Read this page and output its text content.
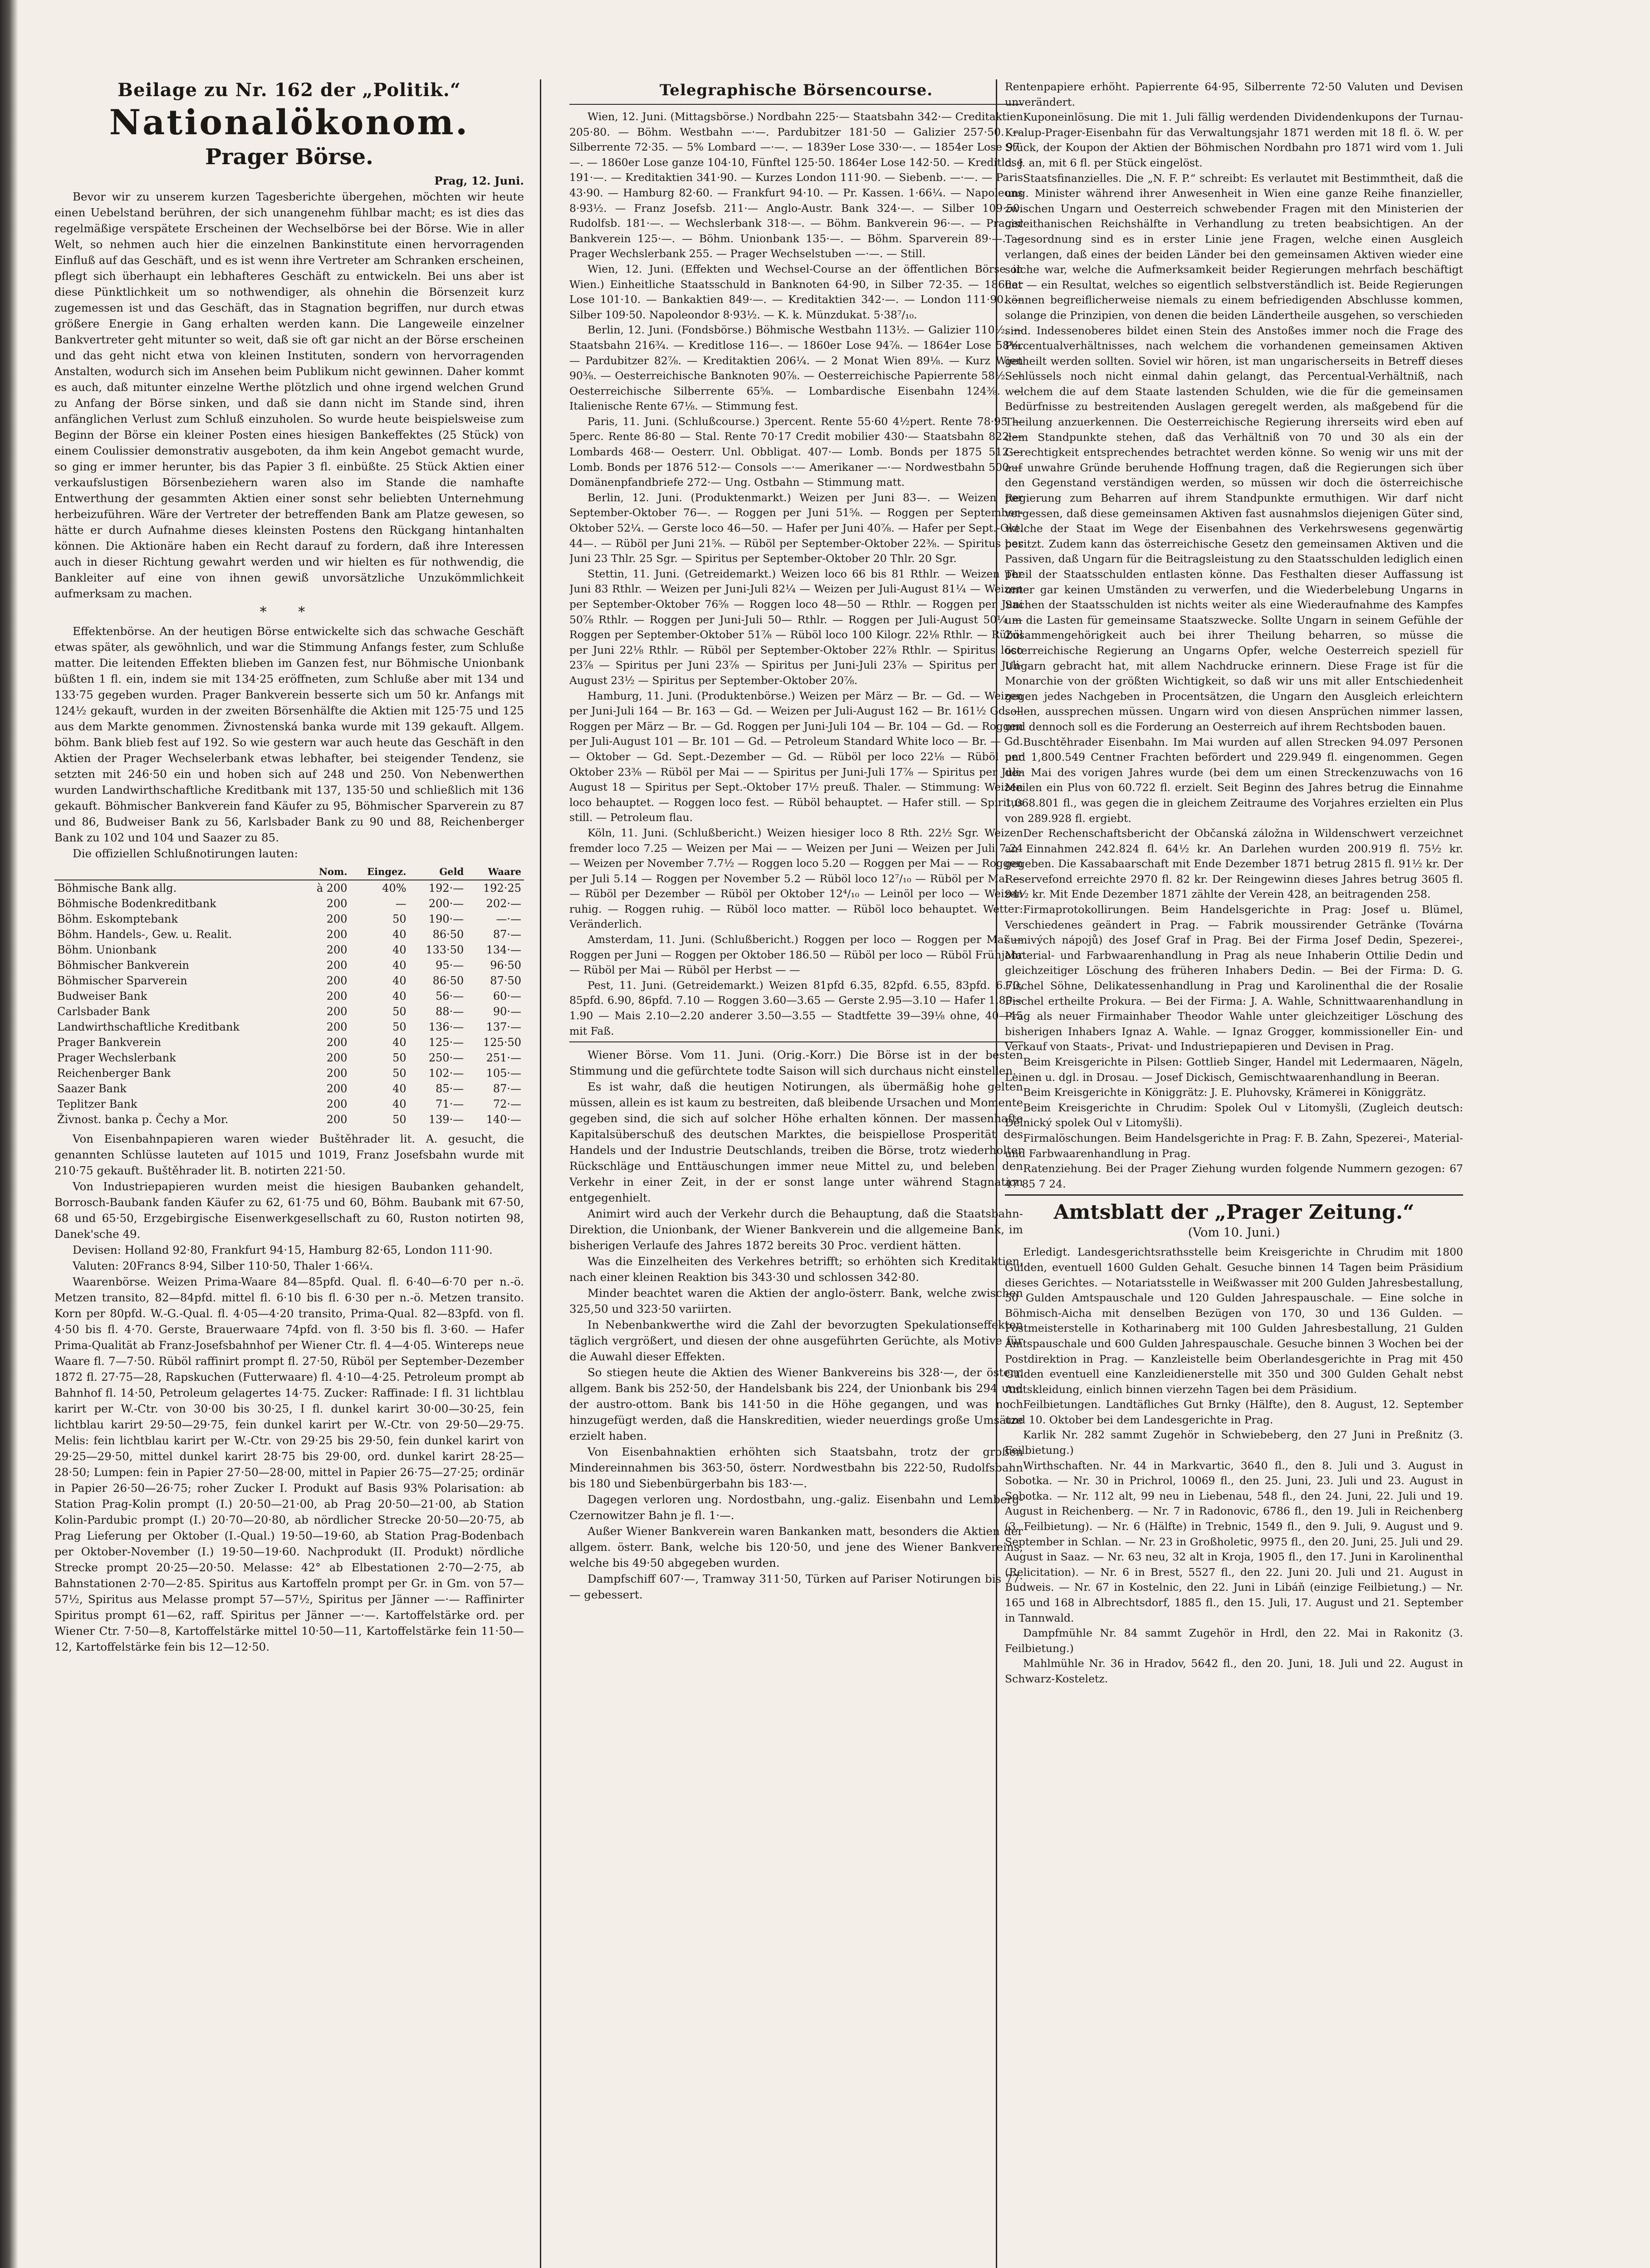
Beilage zu Nr. 162 der „Politik.“
Nationalökonom.
Prager Börse.
Prag, 12. Juni.

Bevor wir zu unserem kurzen Tagesberichte übergehen, möchten wir heute einen Uebelstand berühren, der sich unangenehm fühlbar macht; es ist dies das regelmäßige verspätete Erscheinen der Wechselbörse bei der Börse. Wie in aller Welt, so nehmen auch hier die einzelnen Bankinstitute einen hervorragenden Einfluß auf das Geschäft, und es ist wenn ihre Vertreter am Schranken erscheinen, pflegt sich überhaupt ein lebhafteres Geschäft zu entwickeln. Bei uns aber ist diese Pünktlichkeit um so nothwendiger, als ohnehin die Börsenzeit kurz zugemessen ist und das Geschäft, das in Stagnation begriffen, nur durch etwas größere Energie in Gang erhalten werden kann. Die Langeweile einzelner Bankvertreter geht mitunter so weit, daß sie oft gar nicht an der Börse erscheinen und das geht nicht etwa von kleinen Instituten, sondern von hervorragenden Anstalten, wodurch sich im Ansehen beim Publikum nicht gewinnen. Daher kommt es auch, daß mitunter einzelne Werthe plötzlich und ohne irgend welchen Grund zu Anfang der Börse sinken, und daß sie dann nicht im Stande sind, ihren anfänglichen Verlust zum Schluß einzuholen. So wurde heute beispielsweise zum Beginn der Börse ein kleiner Posten eines hiesigen Bankeffektes (25 Stück) von einem Coulissier demonstrativ ausgeboten, da ihm kein Angebot gemacht wurde, so ging er immer herunter, bis das Papier 3 fl. einbüßte. 25 Stück Aktien einer verkaufslustigen Börsenbeziehern waren also im Stande die namhafte Entwerthung der gesammten Aktien einer sonst sehr beliebten Unternehmung herbeizuführen. Wäre der Vertreter der betreffenden Bank am Platze gewesen, so hätte er durch Aufnahme dieses kleinsten Postens den Rückgang hintanhalten können. Die Aktionäre haben ein Recht darauf zu fordern, daß ihre Interessen auch in dieser Richtung gewahrt werden und wir hielten es für nothwendig, die Bankleiter auf eine von ihnen gewiß unvorsätzliche Unzukömmlichkeit aufmerksam zu machen.

* *

Effektenbörse. An der heutigen Börse entwickelte sich das schwache Geschäft etwas später, als gewöhnlich, und war die Stimmung Anfangs fester, zum Schluße matter. Die leitenden Effekten blieben im Ganzen fest, nur Böhmische Unionbank büßten 1 fl. ein, indem sie mit 134·25 eröffneten, zum Schluße aber mit 134 und 133·75 gegeben wurden. Prager Bankverein besserte sich um 50 kr. Anfangs mit 124½ gekauft, wurden in der zweiten Börsenhälfte die Aktien mit 125·75 und 125 aus dem Markte genommen. Živnostenská banka wurde mit 139 gekauft. Allgem. böhm. Bank blieb fest auf 192. So wie gestern war auch heute das Geschäft in den Aktien der Prager Wechselerbank etwas lebhafter, bei steigender Tendenz, sie setzten mit 246·50 ein und hoben sich auf 248 und 250. Von Nebenwerthen wurden Landwirthschaftliche Kreditbank mit 137, 135·50 und schließlich mit 136 gekauft. Böhmischer Bankverein fand Käufer zu 95, Böhmischer Sparverein zu 87 und 86, Budweiser Bank zu 56, Karlsbader Bank zu 90 und 88, Reichenberger Bank zu 102 und 104 und Saazer zu 85.

Die offiziellen Schlußnotirungen lauten:

	Nom.	Eingez.	Geld	Waare
Böhmische Bank allg.	à 200	40%	192·—	192·25
Böhmische Bodenkreditbank	200	—	200·—	202·—
Böhm. Eskomptebank	200	50	190·—	—·—
Böhm. Handels-, Gew. u. Realit.	200	40	86·50	87·—
Böhm. Unionbank	200	40	133·50	134·—
Böhmischer Bankverein	200	40	95·—	96·50
Böhmischer Sparverein	200	40	86·50	87·50
Budweiser Bank	200	40	56·—	60·—
Carlsbader Bank	200	50	88·—	90·—
Landwirthschaftliche Kreditbank	200	50	136·—	137·—
Prager Bankverein	200	40	125·—	125·50
Prager Wechslerbank	200	50	250·—	251·—
Reichenberger Bank	200	50	102·—	105·—
Saazer Bank	200	40	85·—	87·—
Teplitzer Bank	200	40	71·—	72·—
Živnost. banka p. Čechy a Mor.	200	50	139·—	140·—

Von Eisenbahnpapieren waren wieder Buštěhrader lit. A. gesucht, die genannten Schlüsse lauteten auf 1015 und 1019, Franz Josefsbahn wurde mit 210·75 gekauft. Buštěhrader lit. B. notirten 221·50.

Von Industriepapieren wurden meist die hiesigen Baubanken gehandelt, Borrosch-Baubank fanden Käufer zu 62, 61·75 und 60, Böhm. Baubank mit 67·50, 68 und 65·50, Erzgebirgische Eisenwerkgesellschaft zu 60, Ruston notirten 98, Danek'sche 49.

Devisen: Holland 92·80, Frankfurt 94·15, Hamburg 82·65, London 111·90.

Valuten: 20Francs 8·94, Silber 110·50, Thaler 1·66¼.

Waarenbörse. Weizen Prima-Waare 84—85pfd. Qual. fl. 6·40—6·70 per n.-ö. Metzen transito, 82—84pfd. mittel fl. 6·10 bis fl. 6·30 per n.-ö. Metzen transito. Korn per 80pfd. W.-G.-Qual. fl. 4·05—4·20 transito, Prima-Qual. 82—83pfd. von fl. 4·50 bis fl. 4·70. Gerste, Brauerwaare 74pfd. von fl. 3·50 bis fl. 3·60. — Hafer Prima-Qualität ab Franz-Josefsbahnhof per Wiener Ctr. fl. 4—4·05. Wintereps neue Waare fl. 7—7·50. Rüböl raffinirt prompt fl. 27·50, Rüböl per September-Dezember 1872 fl. 27·75—28, Rapskuchen (Futterwaare) fl. 4·10—4·25. Petroleum prompt ab Bahnhof fl. 14·50, Petroleum gelagertes 14·75. Zucker: Raffinade: I fl. 31 lichtblau karirt per W.-Ctr. von 30·00 bis 30·25, I fl. dunkel karirt 30·00—30·25, fein lichtblau karirt 29·50—29·75, fein dunkel karirt per W.-Ctr. von 29·50—29·75. Melis: fein lichtblau karirt per W.-Ctr. von 29·25 bis 29·50, fein dunkel karirt von 29·25—29·50, mittel dunkel karirt 28·75 bis 29·00, ord. dunkel karirt 28·25—28·50; Lumpen: fein in Papier 27·50—28·00, mittel in Papier 26·75—27·25; ordinär in Papier 26·50—26·75; roher Zucker I. Produkt auf Basis 93% Polarisation: ab Station Prag-Kolin prompt (I.) 20·50—21·00, ab Prag 20·50—21·00, ab Station Kolin-Pardubic prompt (I.) 20·70—20·80, ab nördlicher Strecke 20·50—20·75, ab Prag Lieferung per Oktober (I.-Qual.) 19·50—19·60, ab Station Prag-Bodenbach per Oktober-November (I.) 19·50—19·60. Nachprodukt (II. Produkt) nördliche Strecke prompt 20·25—20·50. Melasse: 42° ab Elbestationen 2·70—2·75, ab Bahnstationen 2·70—2·85. Spiritus aus Kartoffeln prompt per Gr. in Gm. von 57—57½, Spiritus aus Melasse prompt 57—57½, Spiritus per Jänner —·— Raffinirter Spiritus prompt 61—62, raff. Spiritus per Jänner —·—. Kartoffelstärke ord. per Wiener Ctr. 7·50—8, Kartoffelstärke mittel 10·50—11, Kartoffelstärke fein 11·50—12, Kartoffelstärke fein bis 12—12·50.

Telegraphische Börsencourse.

Wien, 12. Juni. (Mittagsbörse.) Nordbahn 225·— Staatsbahn 342·— Creditaktien 205·80. — Böhm. Westbahn —·—. Pardubitzer 181·50 — Galizier 257·50. — Silberrente 72·35. — 5% Lombard —·—. — 1839er Lose 330·—. — 1854er Lose 97·—. — 1860er Lose ganze 104·10, Fünftel 125·50. 1864er Lose 142·50. — Kreditlose 191·—. — Kreditaktien 341·90. — Kurzes London 111·90. — Siebenb. —·—. — Paris 43·90. — Hamburg 82·60. — Frankfurt 94·10. — Pr. Kassen. 1·66¼. — Napoleons 8·93½. — Franz Josefsb. 211·— Anglo-Austr. Bank 324·—. — Silber 109·50. Rudolfsb. 181·—. — Wechslerbank 318·—. — Böhm. Bankverein 96·—. — Prager Bankverein 125·—. — Böhm. Unionbank 135·—. — Böhm. Sparverein 89·—. — Prager Wechslerbank 255. — Prager Wechselstuben —·—. — Still.

Wien, 12. Juni. (Effekten und Wechsel-Course an der öffentlichen Börse in Wien.) Einheitliche Staatsschuld in Banknoten 64·90, in Silber 72·35. — 1860er Lose 101·10. — Bankaktien 849·—. — Kreditaktien 342·—. — London 111·90. — Silber 109·50. Napoleondor 8·93½. — K. k. Münzdukat. 5·38⁷/₁₀.

Berlin, 12. Juni. (Fondsbörse.) Böhmische Westbahn 113½. — Galizier 110½. — Staatsbahn 216¾. — Kreditlose 116—. — 1860er Lose 94⅞. — 1864er Lose 58⅜. — Pardubitzer 82⅞. — Kreditaktien 206¼. — 2 Monat Wien 89⅛. — Kurz Wien 90⅜. — Oesterreichische Banknoten 90⅞. — Oesterreichische Papierrente 58½. — Oesterreichische Silberrente 65⅝. — Lombardische Eisenbahn 124⅜. — Italienische Rente 67⅛. — Stimmung fest.

Paris, 11. Juni. (Schlußcourse.) 3percent. Rente 55·60 4½pert. Rente 78·95 — 5perc. Rente 86·80 — Stal. Rente 70·17 Credit mobilier 430·— Staatsbahn 822·— Lombards 468·— Oesterr. Unl. Obbligat. 407·— Lomb. Bonds per 1875 512·— Lomb. Bonds per 1876 512·— Consols —·— Amerikaner —·— Nordwestbahn 500·— Domänenpfandbriefe 272·— Ung. Ostbahn — Stimmung matt.

Berlin, 12. Juni. (Produktenmarkt.) Weizen per Juni 83—. — Weizen per September-Oktober 76—. — Roggen per Juni 51⅝. — Roggen per September-Oktober 52¼. — Gerste loco 46—50. — Hafer per Juni 40⅞. — Hafer per Sept.-Okt. 44—. — Rüböl per Juni 21⅝. — Rüböl per September-Oktober 22⅜. — Spiritus per Juni 23 Thlr. 25 Sgr. — Spiritus per September-Oktober 20 Thlr. 20 Sgr.

Stettin, 11. Juni. (Getreidemarkt.) Weizen loco 66 bis 81 Rthlr. — Weizen per Juni 83 Rthlr. — Weizen per Juni-Juli 82¼ — Weizen per Juli-August 81¼ — Weizen per September-Oktober 76⅝ — Roggen loco 48—50 — Rthlr. — Roggen per Juni 50⅞ Rthlr. — Roggen per Juni-Juli 50— Rthlr. — Roggen per Juli-August 50¼ — Roggen per September-Oktober 51⅞ — Rüböl loco 100 Kilogr. 22⅛ Rthlr. — Rüböl per Juni 22⅛ Rthlr. — Rüböl per September-Oktober 22⅞ Rthlr. — Spiritus loco 23⅞ — Spiritus per Juni 23⅞ — Spiritus per Juni-Juli 23⅞ — Spiritus per Juli-August 23½ — Spiritus per September-Oktober 20⅞.

Hamburg, 11. Juni. (Produktenbörse.) Weizen per März — Br. — Gd. — Weizen per Juni-Juli 164 — Br. 163 — Gd. — Weizen per Juli-August 162 — Br. 161½ Gd. — Roggen per März — Br. — Gd. Roggen per Juni-Juli 104 — Br. 104 — Gd. — Roggen per Juli-August 101 — Br. 101 — Gd. — Petroleum Standard White loco — Br. — Gd. — Oktober — Gd. Sept.-Dezember — Gd. — Rüböl per loco 22⅛ — Rüböl per Oktober 23⅜ — Rüböl per Mai — — Spiritus per Juni-Juli 17⅞ — Spiritus per Juli-August 18 — Spiritus per Sept.-Oktober 17½ preuß. Thaler. — Stimmung: Weizen loco behauptet. — Roggen loco fest. — Rüböl behauptet. — Hafer still. — Spiritus still. — Petroleum flau.

Köln, 11. Juni. (Schlußbericht.) Weizen hiesiger loco 8 Rth. 22½ Sgr. Weizen fremder loco 7.25 — Weizen per Mai — — Weizen per Juni — Weizen per Juli 7.24 — Weizen per November 7.7½ — Roggen loco 5.20 — Roggen per Mai — — Roggen per Juli 5.14 — Roggen per November 5.2 — Rüböl loco 12⁷/₁₀ — Rüböl per Mai — — Rüböl per Dezember — Rüböl per Oktober 12⁴/₁₀ — Leinöl per loco — Weizen ruhig. — Roggen ruhig. — Rüböl loco matter. — Rüböl loco behauptet. Wetter: Veränderlich.

Amsterdam, 11. Juni. (Schlußbericht.) Roggen per loco — Roggen per Mai — Roggen per Juni — Roggen per Oktober 186.50 — Rüböl per loco — Rüböl Frühjahr — Rüböl per Mai — Rüböl per Herbst — —

Pest, 11. Juni. (Getreidemarkt.) Weizen 81pfd 6.35, 82pfd. 6.55, 83pfd. 6.70, 85pfd. 6.90, 86pfd. 7.10 — Roggen 3.60—3.65 — Gerste 2.95—3.10 — Hafer 1.80—1.90 — Mais 2.10—2.20 anderer 3.50—3.55 — Stadtfette 39—39⅛ ohne, 40—45 mit Faß.

Wiener Börse. Vom 11. Juni. (Orig.-Korr.) Die Börse ist in der besten Stimmung und die gefürchtete todte Saison will sich durchaus nicht einstellen.

Es ist wahr, daß die heutigen Notirungen, als übermäßig hohe gelten müssen, allein es ist kaum zu bestreiten, daß bleibende Ursachen und Momente gegeben sind, die sich auf solcher Höhe erhalten können. Der massenhafte Kapitalsüberschuß des deutschen Marktes, die beispiellose Prosperität des Handels und der Industrie Deutschlands, treiben die Börse, trotz wiederholter Rückschläge und Enttäuschungen immer neue Mittel zu, und beleben den Verkehr in einer Zeit, in der er sonst lange unter während Stagnation entgegenhielt.

Animirt wird auch der Verkehr durch die Behauptung, daß die Staatsbahn-Direktion, die Unionbank, der Wiener Bankverein und die allgemeine Bank, im bisherigen Verlaufe des Jahres 1872 bereits 30 Proc. verdient hätten.

Was die Einzelheiten des Verkehres betrifft; so erhöhten sich Kreditaktien, nach einer kleinen Reaktion bis 343·30 und schlossen 342·80.

Minder beachtet waren die Aktien der anglo-österr. Bank, welche zwischen 325,50 und 323·50 variirten.

In Nebenbankwerthe wird die Zahl der bevorzugten Spekulationseffekten täglich vergrößert, und diesen der ohne ausgeführten Gerüchte, als Motive für die Auwahl dieser Effekten.

So stiegen heute die Aktien des Wiener Bankvereins bis 328·—, der österr. allgem. Bank bis 252·50, der Handelsbank bis 224, der Unionbank bis 294 und der austro-ottom. Bank bis 141·50 in die Höhe gegangen, und was noch hinzugefügt werden, daß die Hanskreditien, wieder neuerdings große Umsätze erzielt haben.

Von Eisenbahnaktien erhöhten sich Staatsbahn, trotz der großen Mindereinnahmen bis 363·50, österr. Nordwestbahn bis 222·50, Rudolfsbahn bis 180 und Siebenbürgerbahn bis 183·—.

Dagegen verloren ung. Nordostbahn, ung.-galiz. Eisenbahn und Lemberg-Czernowitzer Bahn je fl. 1·—.

Außer Wiener Bankverein waren Bankanken matt, besonders die Aktien der allgem. österr. Bank, welche bis 120·50, und jene des Wiener Bankvereins, welche bis 49·50 abgegeben wurden.

Dampfschiff 607·—, Tramway 311·50, Türken auf Pariser Notirungen bis 77·— gebessert.

Rentenpapiere erhöht. Papierrente 64·95, Silberrente 72·50 Valuten und Devisen unverändert.

Kuponeinlösung. Die mit 1. Juli fällig werdenden Dividendenkupons der Turnau-Kralup-Prager-Eisenbahn für das Verwaltungsjahr 1871 werden mit 18 fl. ö. W. per Stück, der Koupon der Aktien der Böhmischen Nordbahn pro 1871 wird vom 1. Juli d. J. an, mit 6 fl. per Stück eingelöst.

Staatsfinanzielles. Die „N. F. P.“ schreibt: Es verlautet mit Bestimmtheit, daß die ung. Minister während ihrer Anwesenheit in Wien eine ganze Reihe finanzieller, zwischen Ungarn und Oesterreich schwebender Fragen mit den Ministerien der cisleithanischen Reichshälfte in Verhandlung zu treten beabsichtigen. An der Tagesordnung sind es in erster Linie jene Fragen, welche einen Ausgleich verlangen, daß eines der beiden Länder bei den gemeinsamen Aktiven wieder eine solche war, welche die Aufmerksamkeit beider Regierungen mehrfach beschäftigt hat — ein Resultat, welches so eigentlich selbstverständlich ist. Beide Regierungen können begreiflicherweise niemals zu einem befriedigenden Abschlusse kommen, solange die Prinzipien, von denen die beiden Ländertheile ausgehen, so verschieden sind. Indessenoberes bildet einen Stein des Anstoßes immer noch die Frage des Percentualverhältnisses, nach welchem die vorhandenen gemeinsamen Aktiven getheilt werden sollten. Soviel wir hören, ist man ungarischerseits in Betreff dieses Schlüssels noch nicht einmal dahin gelangt, das Percentual-Verhältniß, nach welchem die auf dem Staate lastenden Schulden, wie die für die gemeinsamen Bedürfnisse zu bestreitenden Auslagen geregelt werden, als maßgebend für die Theilung anzuerkennen. Die Oesterreichische Regierung ihrerseits wird eben auf dem Standpunkte stehen, daß das Verhältniß von 70 und 30 als ein der Gerechtigkeit entsprechendes betrachtet werden könne. So wenig wir uns mit der auf unwahre Gründe beruhende Hoffnung tragen, daß die Regierungen sich über den Gegenstand verständigen werden, so müssen wir doch die österreichische Regierung zum Beharren auf ihrem Standpunkte ermuthigen. Wir darf nicht vergessen, daß diese gemeinsamen Aktiven fast ausnahmslos diejenigen Güter sind, welche der Staat im Wege der Eisenbahnen des Verkehrswesens gegenwärtig besitzt. Zudem kann das österreichische Gesetz den gemeinsamen Aktiven und die Passiven, daß Ungarn für die Beitragsleistung zu den Staatsschulden lediglich einen Theil der Staatsschulden entlasten könne. Das Festhalten dieser Auffassung ist unter gar keinen Umständen zu verwerfen, und die Wiederbelebung Ungarns in Sachen der Staatsschulden ist nichts weiter als eine Wiederaufnahme des Kampfes um die Lasten für gemeinsame Staatszwecke. Sollte Ungarn in seinem Gefühle der Zusammengehörigkeit auch bei ihrer Theilung beharren, so müsse die österreichische Regierung an Ungarns Opfer, welche Oesterreich speziell für Ungarn gebracht hat, mit allem Nachdrucke erinnern. Diese Frage ist für die Monarchie von der größten Wichtigkeit, so daß wir uns mit aller Entschiedenheit gegen jedes Nachgeben in Procentsätzen, die Ungarn den Ausgleich erleichtern sollen, aussprechen müssen. Ungarn wird von diesen Ansprüchen nimmer lassen, und dennoch soll es die Forderung an Oesterreich auf ihrem Rechtsboden bauen.

Buschtěhrader Eisenbahn. Im Mai wurden auf allen Strecken 94.097 Personen und 1,800.549 Centner Frachten befördert und 229.949 fl. eingenommen. Gegen den Mai des vorigen Jahres wurde (bei dem um einen Streckenzuwachs von 16 Meilen ein Plus von 60.722 fl. erzielt. Seit Beginn des Jahres betrug die Einnahme 1,068.801 fl., was gegen die in gleichem Zeitraume des Vorjahres erzielten ein Plus von 289.928 fl. ergiebt.

Der Rechenschaftsbericht der Občanská záložna in Wildenschwert verzeichnet an Einnahmen 242.824 fl. 64½ kr. An Darlehen wurden 200.919 fl. 75½ kr. gegeben. Die Kassabaarschaft mit Ende Dezember 1871 betrug 2815 fl. 91½ kr. Der Reservefond erreichte 2970 fl. 82 kr. Der Reingewinn dieses Jahres betrug 3605 fl. 94½ kr. Mit Ende Dezember 1871 zählte der Verein 428, an beitragenden 258.

Firmaprotokollirungen. Beim Handelsgerichte in Prag: Josef u. Blümel, Verschiedenes geändert in Prag. — Fabrik moussirender Getränke (Továrna šumivých nápojů) des Josef Graf in Prag. Bei der Firma Josef Dedin, Spezerei-, Material- und Farbwaarenhandlung in Prag als neue Inhaberin Ottilie Dedin und gleichzeitiger Löschung des früheren Inhabers Dedin. — Bei der Firma: D. G. Fischel Söhne, Delikatessenhandlung in Prag und Karolinenthal die der Rosalie Fischel ertheilte Prokura. — Bei der Firma: J. A. Wahle, Schnittwaarenhandlung in Prag als neuer Firmainhaber Theodor Wahle unter gleichzeitiger Löschung des bisherigen Inhabers Ignaz A. Wahle. — Ignaz Grogger, kommissioneller Ein- und Verkauf von Staats-, Privat- und Industriepapieren und Devisen in Prag.

Beim Kreisgerichte in Pilsen: Gottlieb Singer, Handel mit Ledermaaren, Nägeln, Leinen u. dgl. in Drosau. — Josef Dickisch, Gemischtwaarenhandlung in Beeran.

Beim Kreisgerichte in Königgrätz: J. E. Pluhovsky, Krämerei in Königgrätz.

Beim Kreisgerichte in Chrudim: Spolek Oul v Litomyšli, (Zugleich deutsch: Dělnický spolek Oul v Litomyšli).

Firmalöschungen. Beim Handelsgerichte in Prag: F. B. Zahn, Spezerei-, Material- und Farbwaarenhandlung in Prag.

Ratenziehung. Bei der Prager Ziehung wurden folgende Nummern gezogen: 67 47 85 7 24.

Amtsblatt der „Prager Zeitung.“
(Vom 10. Juni.)

Erledigt. Landesgerichtsrathsstelle beim Kreisgerichte in Chrudim mit 1800 Gulden, eventuell 1600 Gulden Gehalt. Gesuche binnen 14 Tagen beim Präsidium dieses Gerichtes. — Notariatsstelle in Weißwasser mit 200 Gulden Jahresbestallung, 50 Gulden Amtspauschale und 120 Gulden Jahrespauschale. — Eine solche in Böhmisch-Aicha mit denselben Bezügen von 170, 30 und 136 Gulden. — Postmeisterstelle in Kotharinaberg mit 100 Gulden Jahresbestallung, 21 Gulden Amtspauschale und 600 Gulden Jahrespauschale. Gesuche binnen 3 Wochen bei der Postdirektion in Prag. — Kanzleistelle beim Oberlandesgerichte in Prag mit 450 Gulden eventuell eine Kanzleidienerstelle mit 350 und 300 Gulden Gehalt nebst Amtskleidung, einlich binnen vierzehn Tagen bei dem Präsidium.

Feilbietungen. Landtäfliches Gut Brnky (Hälfte), den 8. August, 12. September und 10. Oktober bei dem Landesgerichte in Prag.

Karlik Nr. 282 sammt Zugehör in Schwiebeberg, den 27 Juni in Preßnitz (3. Feilbietung.)

Wirthschaften. Nr. 44 in Markvartic, 3640 fl., den 8. Juli und 3. August in Sobotka. — Nr. 30 in Prichrol, 10069 fl., den 25. Juni, 23. Juli und 23. August in Sobotka. — Nr. 112 alt, 99 neu in Liebenau, 548 fl., den 24. Juni, 22. Juli und 19. August in Reichenberg. — Nr. 7 in Radonovic, 6786 fl., den 19. Juli in Reichenberg (3. Feilbietung). — Nr. 6 (Hälfte) in Trebnic, 1549 fl., den 9. Juli, 9. August und 9. September in Schlan. — Nr. 23 in Großholetic, 9975 fl., den 20. Juni, 25. Juli und 29. August in Saaz. — Nr. 63 neu, 32 alt in Kroja, 1905 fl., den 17. Juni in Karolinenthal (Relicitation). — Nr. 6 in Brest, 5527 fl., den 22. Juni 20. Juli und 21. August in Budweis. — Nr. 67 in Kostelnic, den 22. Juni in Libáň (einzige Feilbietung.) — Nr. 165 und 168 in Albrechtsdorf, 1885 fl., den 15. Juli, 17. August und 21. September in Tannwald.

Dampfmühle Nr. 84 sammt Zugehör in Hrdl, den 22. Mai in Rakonitz (3. Feilbietung.)

Mahlmühle Nr. 36 in Hradov, 5642 fl., den 20. Juni, 18. Juli und 22. August in Schwarz-Kosteletz.
